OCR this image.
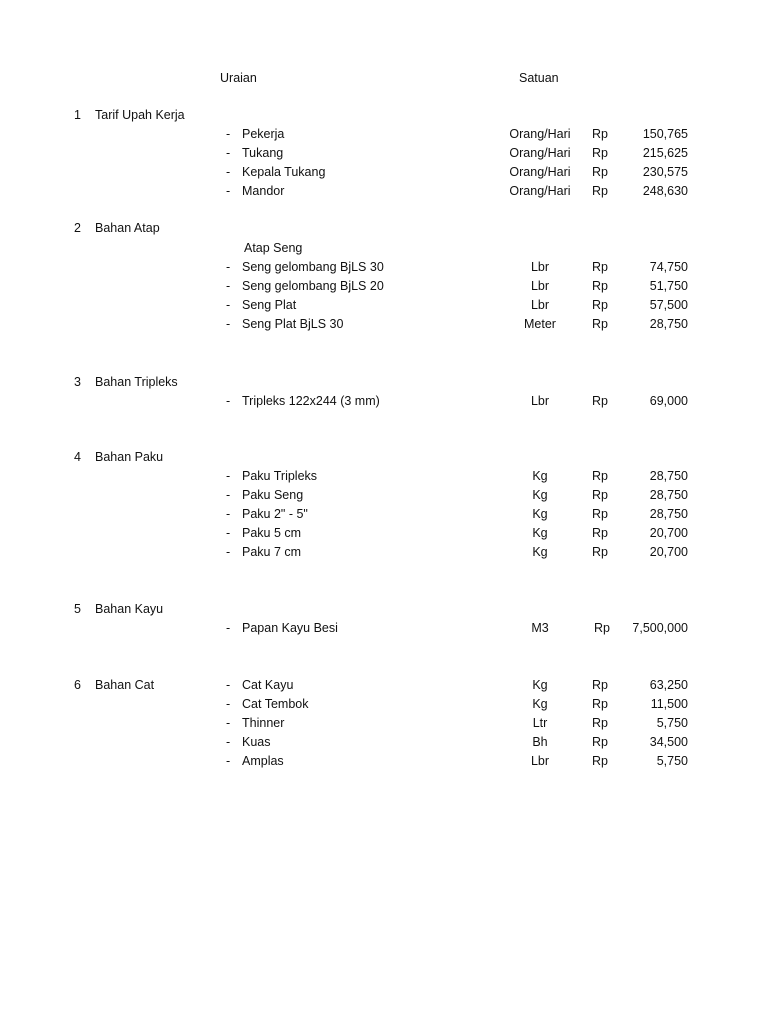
Uraian	Satuan
1 Tarif Upah Kerja
- Pekerja	Orang/Hari	Rp	150,765
- Tukang	Orang/Hari	Rp	215,625
- Kepala Tukang	Orang/Hari	Rp	230,575
- Mandor	Orang/Hari	Rp	248,630
2 Bahan Atap
Atap Seng
- Seng gelombang BjLS 30	Lbr	Rp	74,750
- Seng gelombang BjLS 20	Lbr	Rp	51,750
- Seng Plat	Lbr	Rp	57,500
- Seng Plat BjLS 30	Meter	Rp	28,750
3 Bahan Tripleks
- Tripleks 122x244 (3 mm)	Lbr	Rp	69,000
4 Bahan Paku
- Paku Tripleks	Kg	Rp	28,750
- Paku Seng	Kg	Rp	28,750
- Paku 2" - 5"	Kg	Rp	28,750
- Paku 5 cm	Kg	Rp	20,700
- Paku 7 cm	Kg	Rp	20,700
5 Bahan Kayu
- Papan Kayu Besi	M3	Rp	7,500,000
6 Bahan Cat	- Cat Kayu	Kg	Rp	63,250
- Cat Tembok	Kg	Rp	11,500
- Thinner	Ltr	Rp	5,750
- Kuas	Bh	Rp	34,500
- Amplas	Lbr	Rp	5,750
